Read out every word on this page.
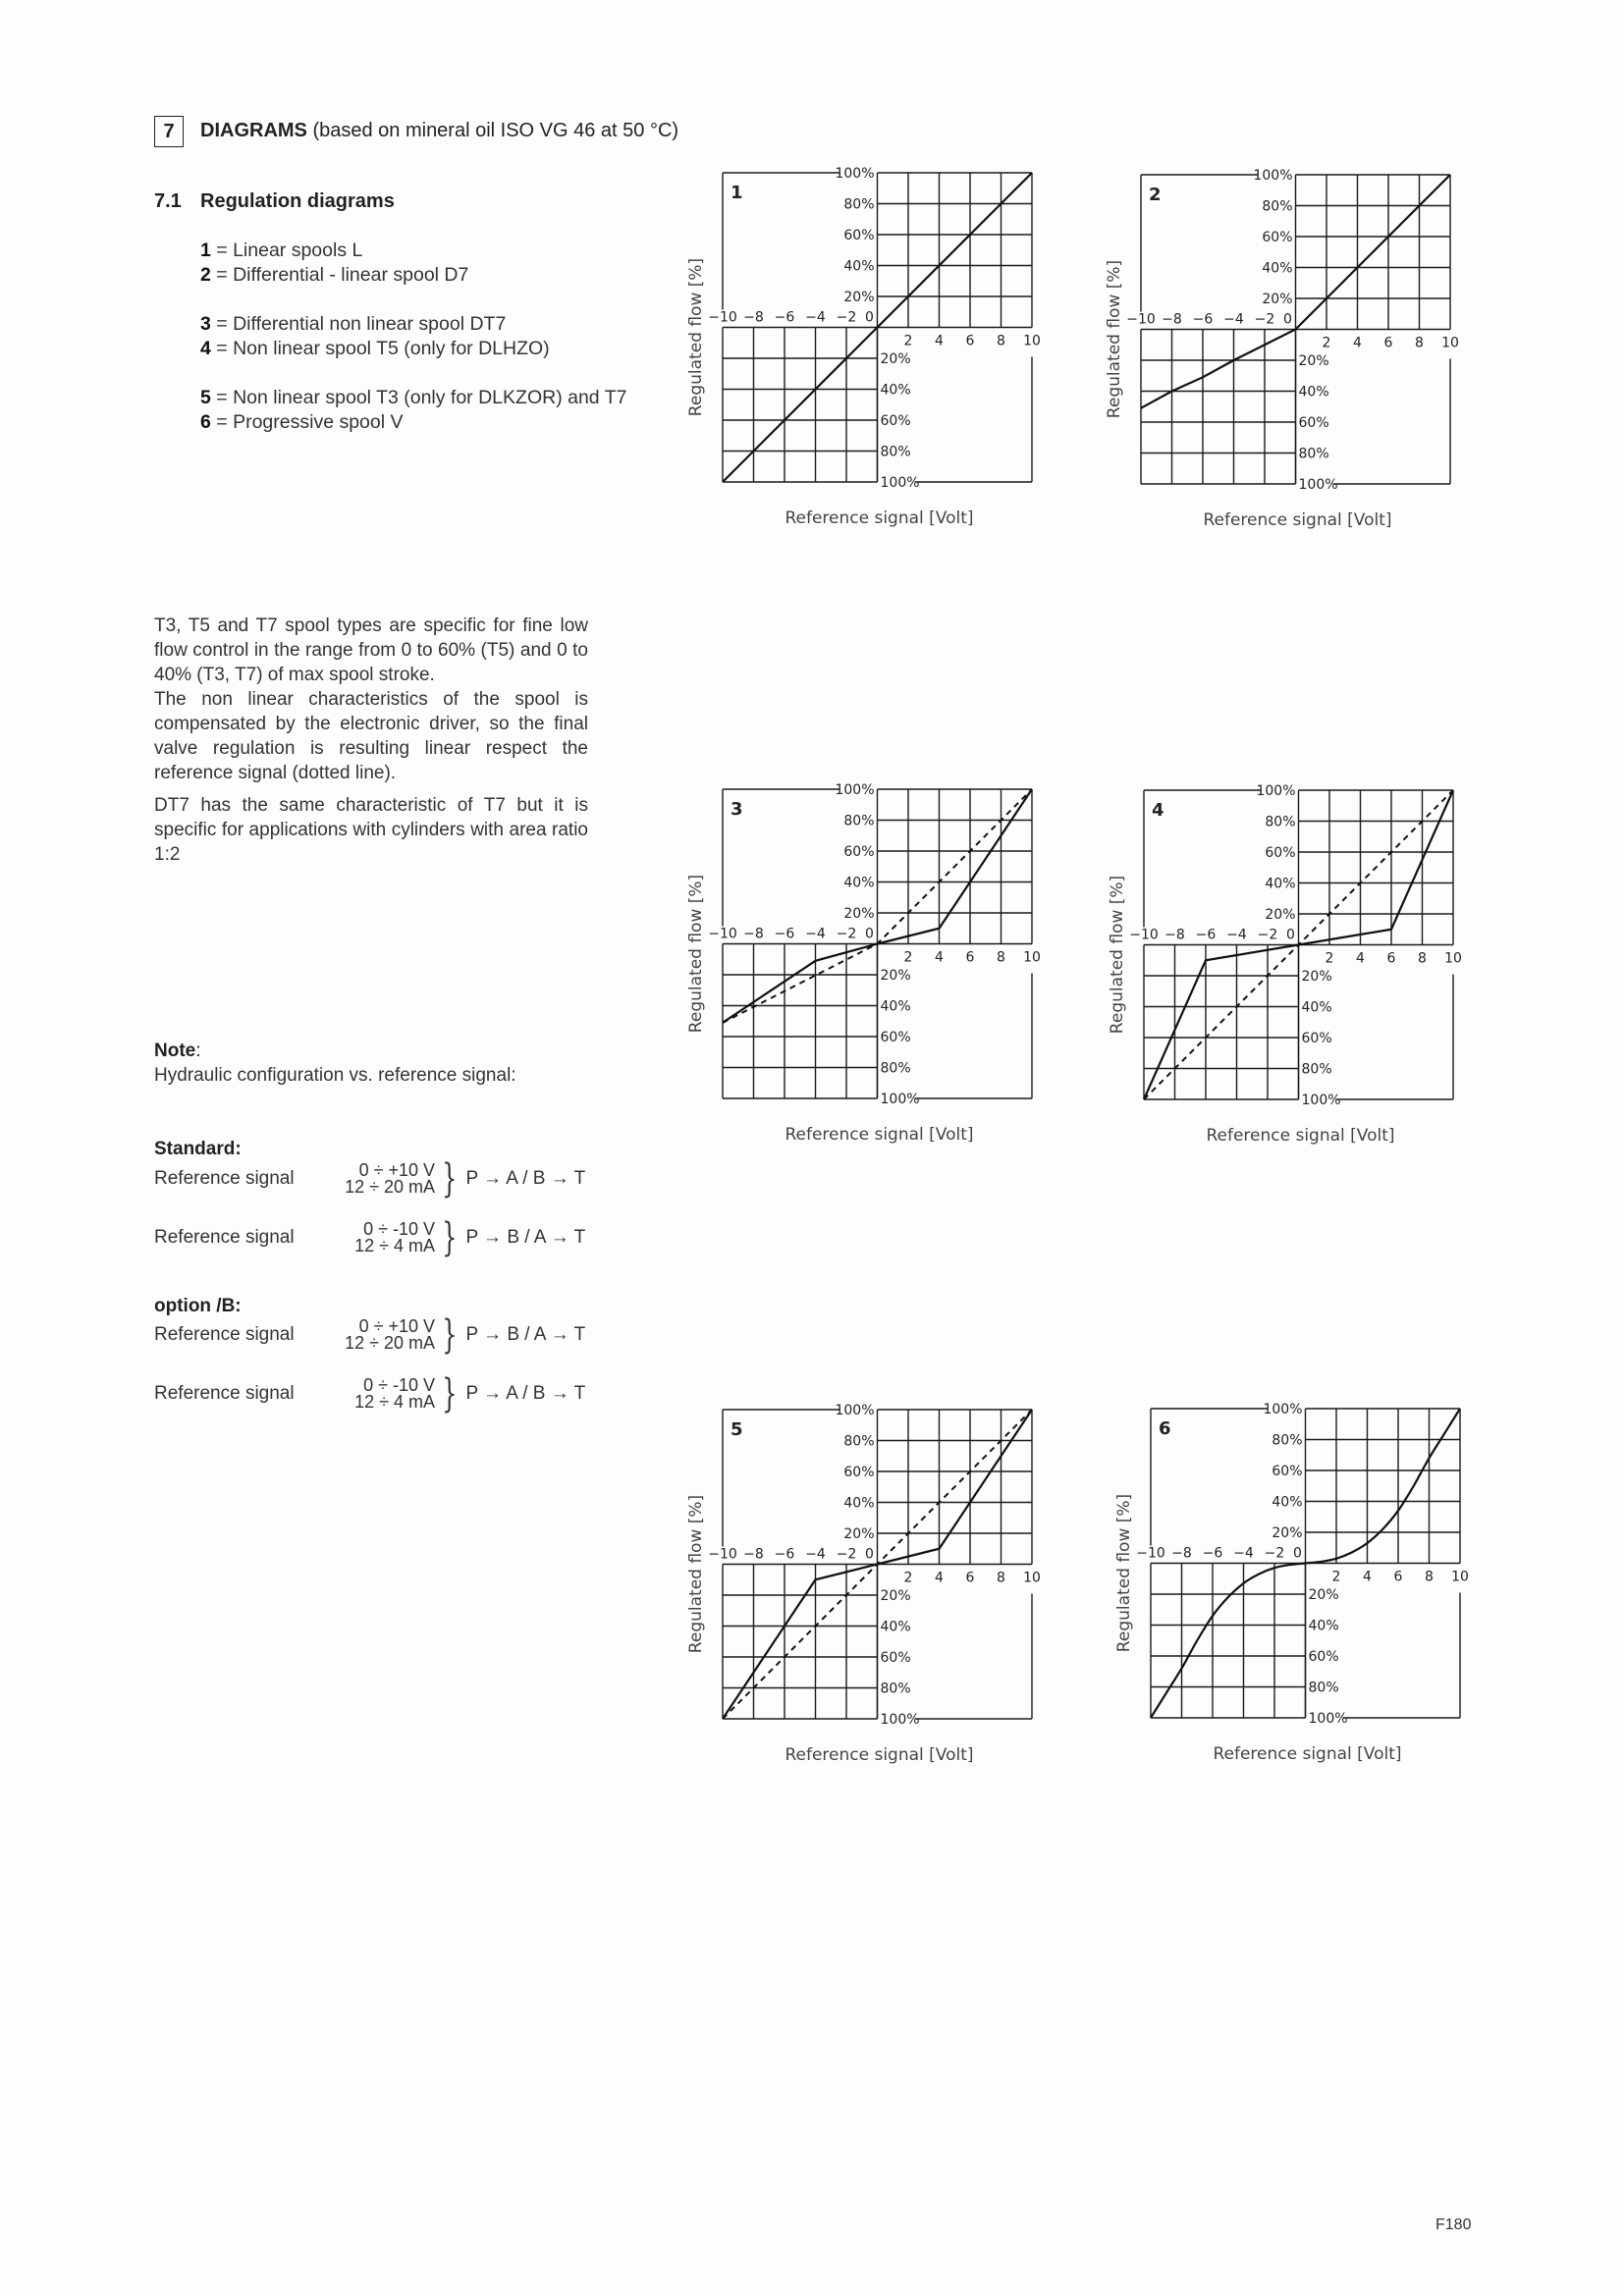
7	DIAGRAMS (based on mineral oil ISO VG 46 at 50 °C)
7.1 Regulation diagrams
1 = Linear spools L
2 = Differential - linear spool D7
3 = Differential non linear spool DT7
4 = Non linear spool T5 (only for DLHZO)
5 = Non linear spool T3 (only for DLKZOR) and T7
6 = Progressive spool V
T3, T5 and T7 spool types are specific for fine low flow control in the range from 0 to 60% (T5) and 0 to 40% (T3, T7) of max spool stroke.
The non linear characteristics of the spool is compensated by the electronic driver, so the final valve regulation is resulting linear respect the reference signal (dotted line).
DT7 has the same characteristic of T7 but it is specific for applications with cylinders with area ratio 1:2
Note:
Hydraulic configuration vs. reference signal:
Standard:
Reference signal	0 ÷ +10 V
12 ÷ 20 mA } P → A / B → T
Reference signal	0 ÷ -10 V
12 ÷ 4 mA } P → B / A → T
option /B:
Reference signal	0 ÷ +10 V
12 ÷ 20 mA } P → B / A → T
Reference signal	0 ÷ -10 V
12 ÷ 4 mA } P → A / B → T
−10 −8 −6 −4 −2 0
2 4 6 8 10
20%
40%
60%
80%
100%
20%
40%
60%
80%
100%
1
Regulated flow [%]
Reference signal [Volt]
−10 −8 −6 −4 −2 0
2 4 6 8 10
20%
40%
60%
80%
100%
20%
40%
60%
80%
100%
2
Regulated flow [%]
Reference signal [Volt]
−10 −8 −6 −4 −2 0
2 4 6 8 10
20%
40%
60%
80%
100%
20%
40%
60%
80%
100%
3
Regulated flow [%]
Reference signal [Volt]
−10 −8 −6 −4 −2 0
2 4 6 8 10
20%
40%
60%
80%
100%
20%
40%
60%
80%
100%
4
Regulated flow [%]
Reference signal [Volt]
−10 −8 −6 −4 −2 0
2 4 6 8 10
20%
40%
60%
80%
100%
20%
40%
60%
80%
100%
5
Regulated flow [%]
Reference signal [Volt]
−10 −8 −6 −4 −2 0
2 4 6 8 10
20%
40%
60%
80%
100%
20%
40%
60%
80%
100%
6
Regulated flow [%]
Reference signal [Volt]
F180
